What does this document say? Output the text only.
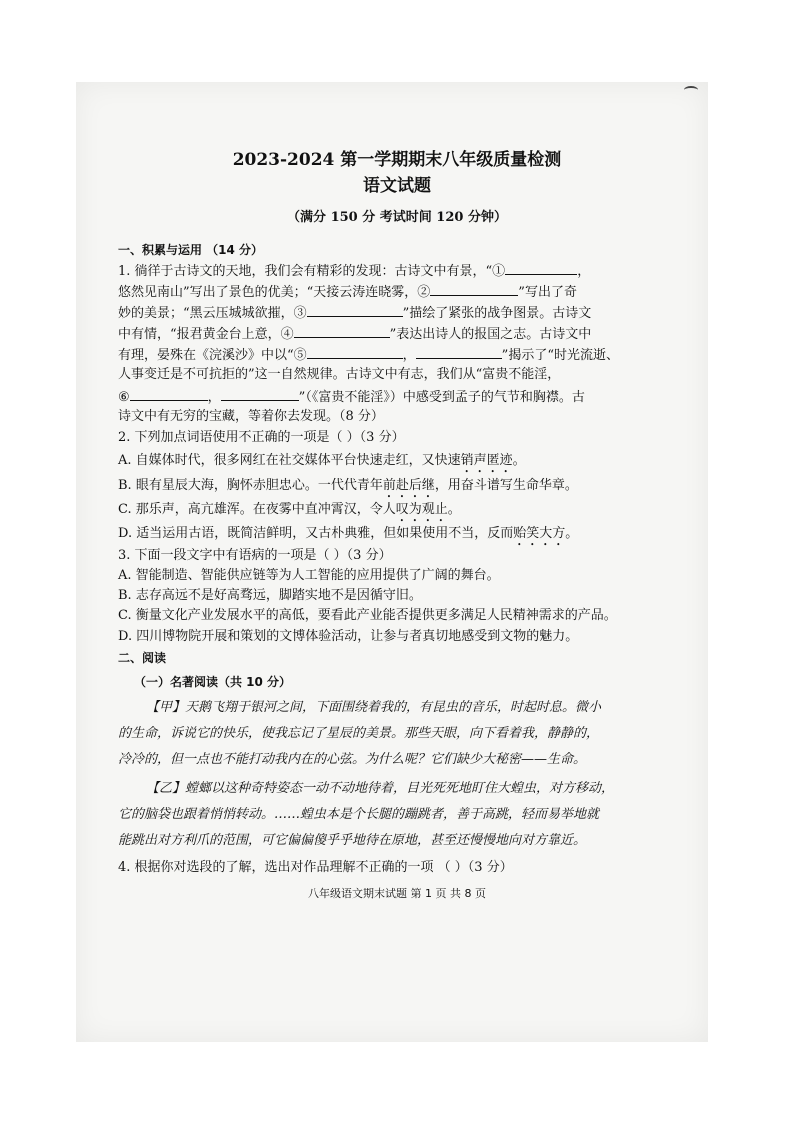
2023-2024 第一学期期末八年级质量检测
语文试题
（满分 150 分 考试时间 120 分钟）
一、积累与运用 （14 分）
1. 徜徉于古诗文的天地，我们会有精彩的发现：古诗文中有景，“①	，
悠然见南山”写出了景色的优美；“天接云涛连晓雾，②	”写出了奇
妙的美景；“黑云压城城欲摧，③	”描绘了紧张的战争图景。古诗文
中有情，“报君黄金台上意，④	”表达出诗人的报国之志。古诗文中
有理，晏殊在《浣溪沙》中以“⑤	，	”揭示了“时光流逝、
人事变迁是不可抗拒的”这一自然规律。古诗文中有志，我们从“富贵不能淫，
⑥	，	”（《富贵不能淫》）中感受到孟子的气节和胸襟。古
诗文中有无穷的宝藏，等着你去发现。（8 分）
2. 下列加点词语使用不正确的一项是（ ）（3 分）
A. 自媒体时代，很多网红在社交媒体平台快速走红，又快速销声匿迹。
B. 眼有星辰大海，胸怀赤胆忠心。一代代青年前赴后继，用奋斗谱写生命华章。
C. 那乐声，高亢雄浑。在夜雾中直冲霄汉，令人叹为观止。
D. 适当运用古语，既简洁鲜明，又古朴典雅，但如果使用不当，反而贻笑大方。
3. 下面一段文字中有语病的一项是（ ）（3 分）
A. 智能制造、智能供应链等为人工智能的应用提供了广阔的舞台。
B. 志存高远不是好高骛远，脚踏实地不是因循守旧。
C. 衡量文化产业发展水平的高低，要看此产业能否提供更多满足人民精神需求的产品。
D. 四川博物院开展和策划的文博体验活动，让参与者真切地感受到文物的魅力。
二、阅读
（一）名著阅读（共 10 分）
【甲】天鹅飞翔于银河之间，下面围绕着我的，有昆虫的音乐，时起时息。微小
的生命，诉说它的快乐，使我忘记了星辰的美景。那些天眼，向下看着我，静静的，
冷冷的，但一点也不能打动我内在的心弦。为什么呢？它们缺少大秘密——生命。
【乙】螳螂以这种奇特姿态一动不动地待着，目光死死地盯住大蝗虫，对方移动，
它的脑袋也跟着悄悄转动。……蝗虫本是个长腿的蹦跳者，善于高跳，轻而易举地就
能跳出对方利爪的范围，可它偏偏傻乎乎地待在原地，甚至还慢慢地向对方靠近。
4. 根据你对选段的了解，选出对作品理解不正确的一项 （ ）（3 分）
八年级语文期末试题 第 1 页 共 8 页
